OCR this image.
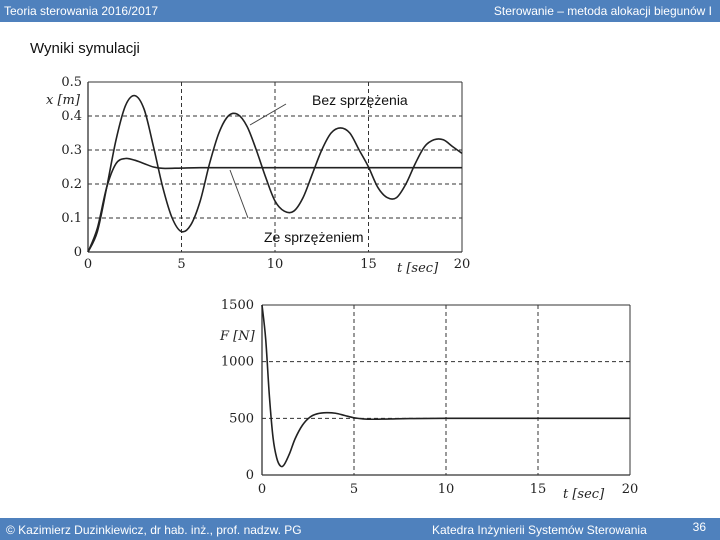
Teoria sterowania 2016/2017	Sterowanie – metoda alokacji biegunów I
Wyniki symulacji
0	5	10	15	20
0
0.1
0.2
0.3
0.4
0.5
x [m]
t [sec]
Bez sprzężenia
Ze sprzężeniem
0	5	10	15	20
0
500
1000
1500
F [N]
t [sec]
© Kazimierz Duzinkiewicz, dr hab. inż., prof. nadzw. PG	Katedra Inżynierii Systemów Sterowania	36
